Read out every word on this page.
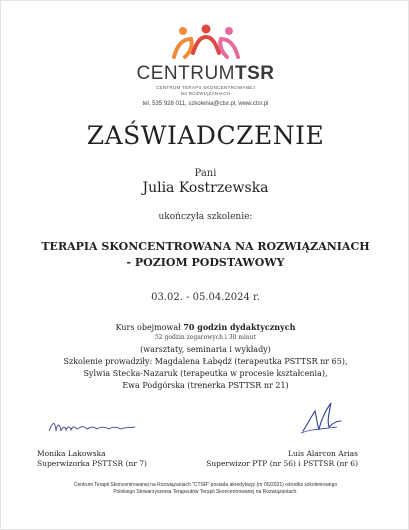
CENTRUMTSR
CENTRUM TERAPII SKONCENTROWANEJ
NA ROZWIĄZANIACH
tel. 535 928 011, szkolenia@ctsr.pl, www.ctsr.pl
ZAŚWIADCZENIE
Pani
Julia Kostrzewska
ukończyła szkolenie:
TERAPIA SKONCENTROWANA NA ROZWIĄZANIACH
- POZIOM PODSTAWOWY
03.02. - 05.04.2024 r.
Kurs obejmował 70 godzin dydaktycznych
52 godzin zegarowych i 30 minut
(warsztaty, seminaria i wykłady)
Szkolenie prowadziły: Magdalena Łabędź (terapeutka PSTTSR nr 65),
Sylwia Stecka-Nazaruk (terapeutka w procesie kształcenia),
Ewa Podgórska (trenerka PSTTSR nr 21)
Monika Lakowska
Superwizorka PSTTSR (nr 7)
Luis Alarcon Arias
Superwizor PTP (nr 56) i PSTTSR (nr 6)
Centrum Terapii Skoncentrowanej na Rozwiązaniach "CTSR" posiada akredytację (nr 05/2021) ośrodka szkoleniowego
Polskiego Stowarzyszenia Terapeutów Terapii Skoncentrowanej na Rozwiązaniach.
